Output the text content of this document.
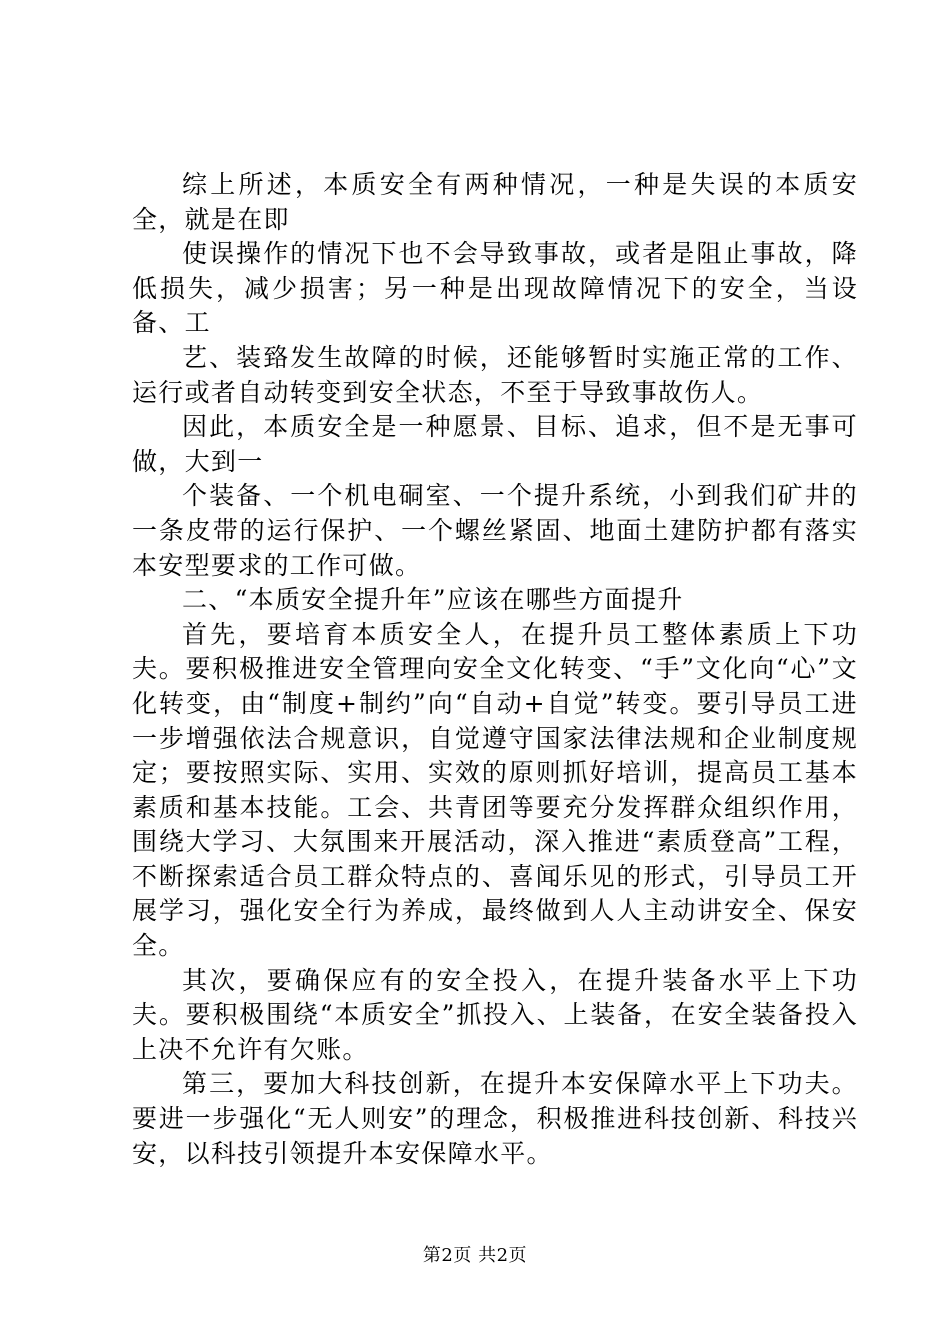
综上所述，本质安全有两种情况，一种是失误的本质安全，就是在即

使误操作的情况下也不会导致事故，或者是阻止事故，降低损失，减少损害；另一种是出现故障情况下的安全，当设备、工

艺、装臵发生故障的时候，还能够暂时实施正常的工作、运行或者自动转变到安全状态，不至于导致事故伤人。

因此，本质安全是一种愿景、目标、追求，但不是无事可做，大到一

个装备、一个机电硐室、一个提升系统，小到我们矿井的一条皮带的运行保护、一个螺丝紧固、地面土建防护都有落实本安型要求的工作可做。

二、“本质安全提升年”应该在哪些方面提升

首先，要培育本质安全人，在提升员工整体素质上下功夫。要积极推进安全管理向安全文化转变、“手”文化向“心”文化转变，由“制度+制约”向“自动+自觉”转变。要引导员工进一步增强依法合规意识，自觉遵守国家法律法规和企业制度规定；要按照实际、实用、实效的原则抓好培训，提高员工基本素质和基本技能。工会、共青团等要充分发挥群众组织作用，围绕大学习、大氛围来开展活动，深入推进“素质登高”工程，不断探索适合员工群众特点的、喜闻乐见的形式，引导员工开展学习，强化安全行为养成，最终做到人人主动讲安全、保安全。

其次，要确保应有的安全投入，在提升装备水平上下功夫。要积极围绕“本质安全”抓投入、上装备，在安全装备投入上决不允许有欠账。

第三，要加大科技创新，在提升本安保障水平上下功夫。要进一步强化“无人则安”的理念，积极推进科技创新、科技兴安，以科技引领提升本安保障水平。

第2页 共2页
